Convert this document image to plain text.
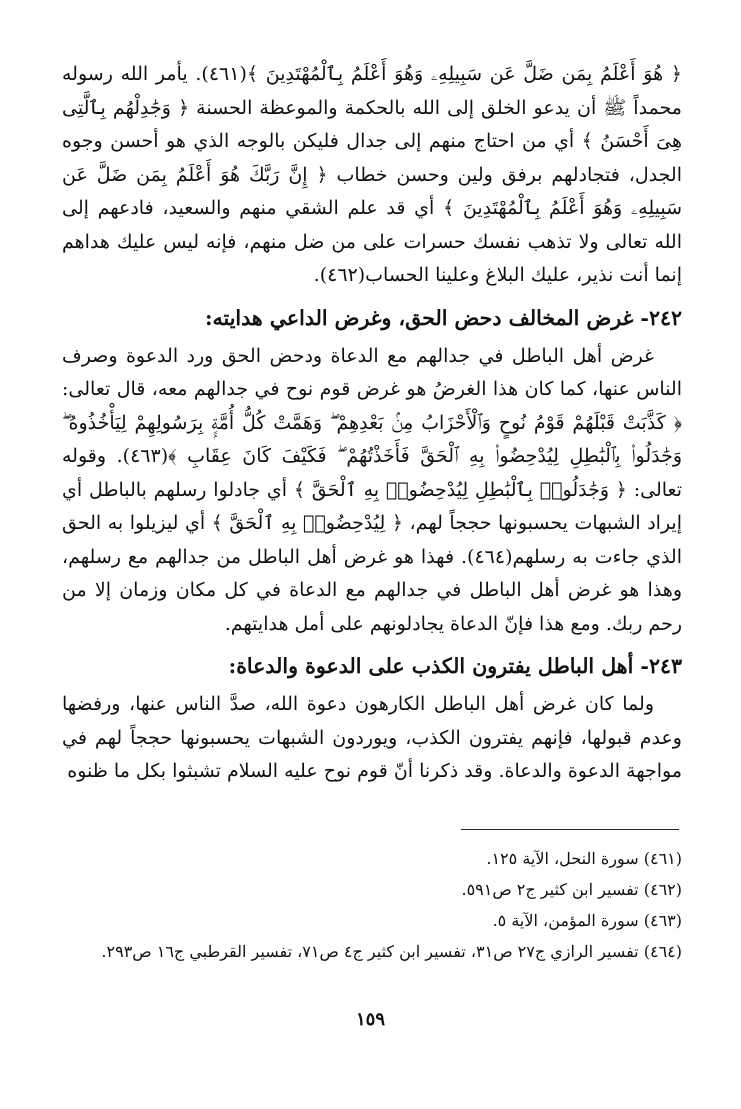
﴿ هُوَ أَعْلَمُ بِمَن ضَلَّ عَن سَبِيلِهِۦ وَهُوَ أَعْلَمُ بِٱلْمُهْتَدِينَ ﴾(٤٦١). يأمر الله رسوله محمداً ﷺ أن يدعو الخلق إلى الله بالحكمة والموعظة الحسنة ﴿ وَجَٰدِلْهُم بِٱلَّتِى هِىَ أَحْسَنُ ﴾ أي من احتاج منهم إلى جدال فليكن بالوجه الذي هو أحسن وجوه الجدل، فتجادلهم برفق ولين وحسن خطاب ﴿ إِنَّ رَبَّكَ هُوَ أَعْلَمُ بِمَن ضَلَّ عَن سَبِيلِهِۦ وَهُوَ أَعْلَمُ بِٱلْمُهْتَدِينَ ﴾ أي قد علم الشقي منهم والسعيد، فادعهم إلى الله تعالى ولا تذهب نفسك حسرات على من ضل منهم، فإنه ليس عليك هداهم إنما أنت نذير، عليك البلاغ وعلينا الحساب(٤٦٢).

٢٤٢- غرض المخالف دحض الحق، وغرض الداعي هدايته:

غرض أهل الباطل في جدالهم مع الدعاة ودحض الحق ورد الدعوة وصرف الناس عنها، كما كان هذا الغرضُ هو غرض قوم نوح في جدالهم معه، قال تعالى: ﴿ كَذَّبَتْ قَبْلَهُمْ قَوْمُ نُوحٍ وَٱلْأَحْزَابُ مِنۢ بَعْدِهِمْ ۖ وَهَمَّتْ كُلُّ أُمَّةٍۭ بِرَسُولِهِمْ لِيَأْخُذُوهُ ۖ وَجَٰدَلُوا۟ بِٱلْبَٰطِلِ لِيُدْحِضُوا۟ بِهِ ٱلْحَقَّ فَأَخَذْتُهُمْ ۖ فَكَيْفَ كَانَ عِقَابِ ﴾(٤٦٣). وقوله تعالى: ﴿ وَجَٰدَلُوا۟ بِٱلْبَٰطِلِ لِيُدْحِضُوا۟ بِهِ ٱلْحَقَّ ﴾ أي جادلوا رسلهم بالباطل أي إيراد الشبهات يحسبونها حججاً لهم، ﴿ لِيُدْحِضُوا۟ بِهِ ٱلْحَقَّ ﴾ أي ليزيلوا به الحق الذي جاءت به رسلهم(٤٦٤). فهذا هو غرض أهل الباطل من جدالهم مع رسلهم، وهذا هو غرض أهل الباطل في جدالهم مع الدعاة في كل مكان وزمان إلا من رحم ربك. ومع هذا فإنّ الدعاة يجادلونهم على أمل هدايتهم.

٢٤٣- أهل الباطل يفترون الكذب على الدعوة والدعاة:

ولما كان غرض أهل الباطل الكارهون دعوة الله، صدَّ الناس عنها، ورفضها وعدم قبولها، فإنهم يفترون الكذب، ويوردون الشبهات يحسبونها حججاً لهم في مواجهة الدعوة والدعاة. وقد ذكرنا أنّ قوم نوح عليه السلام تشبثوا بكل ما ظنوه

(٤٦١) سورة النحل، الآية ١٢٥.

(٤٦٢) تفسير ابن كثير ج٢ ص٥٩١.

(٤٦٣) سورة المؤمن، الآية ٥.

(٤٦٤) تفسير الرازي ج٢٧ ص٣١، تفسير ابن كثير ج٤ ص٧١، تفسير القرطبي ج١٦ ص٢٩٣.

١٥٩
